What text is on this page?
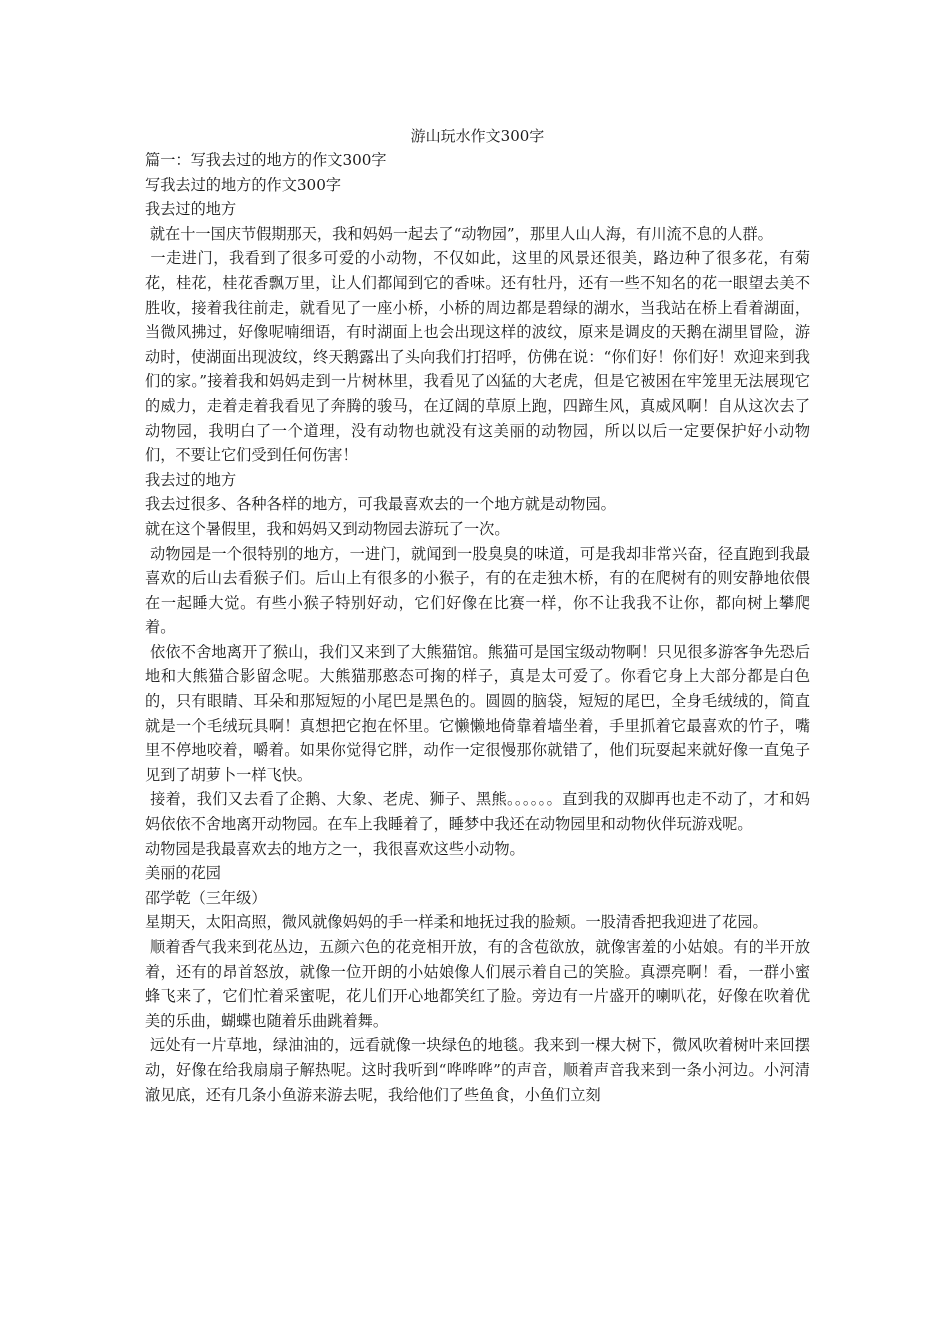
游山玩水作文300字

篇一：写我去过的地方的作文300字

写我去过的地方的作文300字

我去过的地方

就在十一国庆节假期那天，我和妈妈一起去了“动物园”，那里人山人海，有川流不息的人群。

一走进门，我看到了很多可爱的小动物，不仅如此，这里的风景还很美，路边种了很多花，有菊花，桂花，桂花香飘万里，让人们都闻到它的香味。还有牡丹，还有一些不知名的花一眼望去美不胜收，接着我往前走，就看见了一座小桥，小桥的周边都是碧绿的湖水，当我站在桥上看着湖面，当微风拂过，好像呢喃细语，有时湖面上也会出现这样的波纹，原来是调皮的天鹅在湖里冒险，游动时，使湖面出现波纹，终天鹅露出了头向我们打招呼，仿佛在说：“你们好！你们好！欢迎来到我们的家。”接着我和妈妈走到一片树林里，我看见了凶猛的大老虎，但是它被困在牢笼里无法展现它的威力，走着走着我看见了奔腾的骏马，在辽阔的草原上跑，四蹄生风，真威风啊！自从这次去了动物园，我明白了一个道理，没有动物也就没有这美丽的动物园，所以以后一定要保护好小动物们，不要让它们受到任何伤害！

我去过的地方

我去过很多、各种各样的地方，可我最喜欢去的一个地方就是动物园。

就在这个暑假里，我和妈妈又到动物园去游玩了一次。

动物园是一个很特别的地方，一进门，就闻到一股臭臭的味道，可是我却非常兴奋，径直跑到我最喜欢的后山去看猴子们。后山上有很多的小猴子，有的在走独木桥，有的在爬树有的则安静地依偎在一起睡大觉。有些小猴子特别好动，它们好像在比赛一样，你不让我我不让你，都向树上攀爬着。

依依不舍地离开了猴山，我们又来到了大熊猫馆。熊猫可是国宝级动物啊！只见很多游客争先恐后地和大熊猫合影留念呢。大熊猫那憨态可掬的样子，真是太可爱了。你看它身上大部分都是白色的，只有眼睛、耳朵和那短短的小尾巴是黑色的。圆圆的脑袋，短短的尾巴，全身毛绒绒的，简直就是一个毛绒玩具啊！真想把它抱在怀里。它懒懒地倚靠着墙坐着，手里抓着它最喜欢的竹子，嘴里不停地咬着，嚼着。如果你觉得它胖，动作一定很慢那你就错了，他们玩耍起来就好像一直兔子见到了胡萝卜一样飞快。

接着，我们又去看了企鹅、大象、老虎、狮子、黑熊。。。。。。直到我的双脚再也走不动了，才和妈妈依依不舍地离开动物园。在车上我睡着了，睡梦中我还在动物园里和动物伙伴玩游戏呢。

动物园是我最喜欢去的地方之一，我很喜欢这些小动物。

美丽的花园

邵学乾（三年级）

星期天，太阳高照，微风就像妈妈的手一样柔和地抚过我的脸颊。一股清香把我迎进了花园。

顺着香气我来到花丛边，五颜六色的花竞相开放，有的含苞欲放，就像害羞的小姑娘。有的半开放着，还有的昂首怒放，就像一位开朗的小姑娘像人们展示着自己的笑脸。真漂亮啊！看，一群小蜜蜂飞来了，它们忙着采蜜呢，花儿们开心地都笑红了脸。旁边有一片盛开的喇叭花，好像在吹着优美的乐曲，蝴蝶也随着乐曲跳着舞。

远处有一片草地，绿油油的，远看就像一块绿色的地毯。我来到一棵大树下，微风吹着树叶来回摆动，好像在给我扇扇子解热呢。这时我听到“哗哗哗”的声音，顺着声音我来到一条小河边。小河清澈见底，还有几条小鱼游来游去呢，我给他们了些鱼食，小鱼们立刻
